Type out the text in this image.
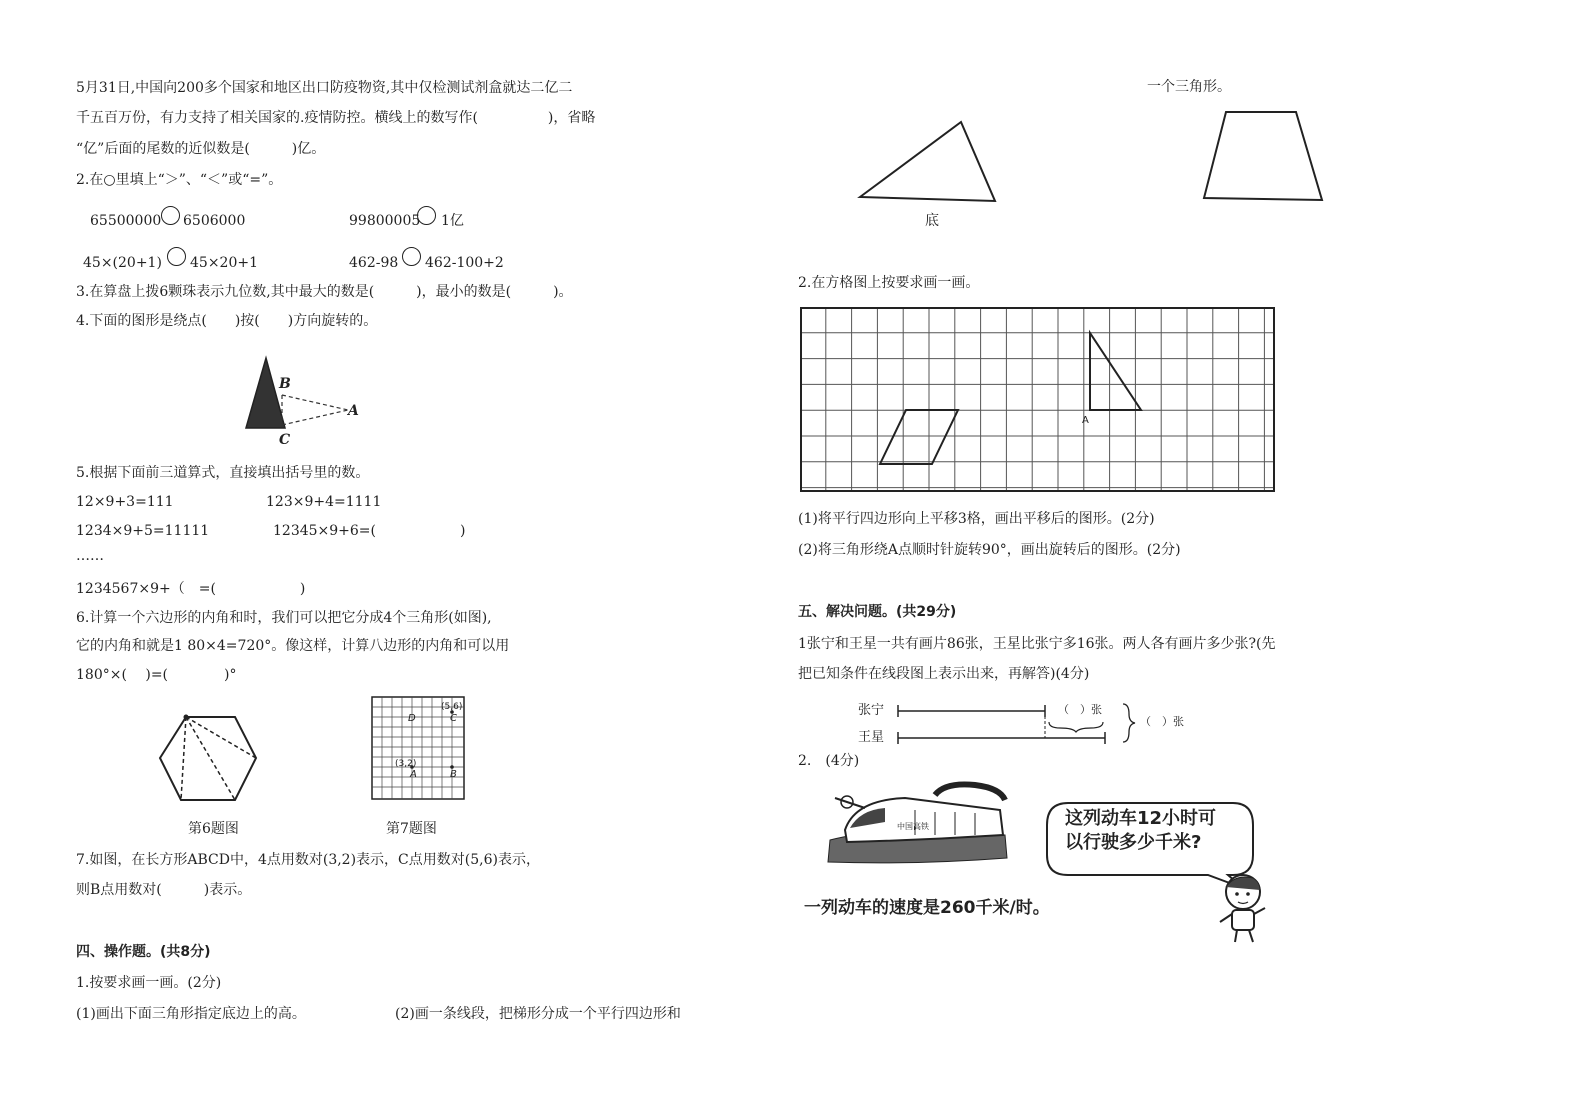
5月31日,中国向200多个国家和地区出口防疫物资,其中仅检测试剂盒就达二亿二
千五百万份，有力支持了相关国家的.疫情防控。横线上的数写作(　　　　　)，省略
“亿”后面的尾数的近似数是(　　　)亿。
2.在○里填上“＞”、“＜”或“=”。
65500000 6506000	99800005 1亿
45×(20+1) 45×20+1	462-98 462-100+2
3.在算盘上拨6颗珠表示九位数,其中最大的数是(　　　)，最小的数是(　　　)。
4.下面的图形是绕点(　　)按(　　)方向旋转的。
B
A
C
5.根据下面前三道算式，直接填出括号里的数。
12×9+3=111	123×9+4=1111
1234×9+5=11111	12345×9+6=(　　　　　　)
……
1234567×9+（　=(　　　　　　)
6.计算一个六边形的内角和时，我们可以把它分成4个三角形(如图),
它的内角和就是1 80×4=720°。像这样，计算八边形的内角和可以用
180°×(　 )=(　　　　)°
(5,6)
D	C
(3,2)
A	B
第6题图	第7题图
7.如图，在长方形ABCD中，4点用数对(3,2)表示，C点用数对(5,6)表示，
则B点用数对(　　　)表示。
四、操作题。(共8分)
1.按要求画一画。(2分)
(1)画出下面三角形指定底边上的高。	(2)画一条线段，把梯形分成一个平行四边形和
一个三角形。
底
2.在方格图上按要求画一画。
A
(1)将平行四边形向上平移3格，画出平移后的图形。(2分)
(2)将三角形绕A点顺时针旋转90°，画出旋转后的图形。(2分)
五、解决问题。(共29分)
1张宁和王星一共有画片86张，王星比张宁多16张。两人各有画片多少张?(先
把已知条件在线段图上表示出来，再解答)(4分)
张宁
王星
（　）张
（　）张
2.　(4分)
中国高铁	这列动车12小时可
以行驶多少千米?
一列动车的速度是260千米/时。
